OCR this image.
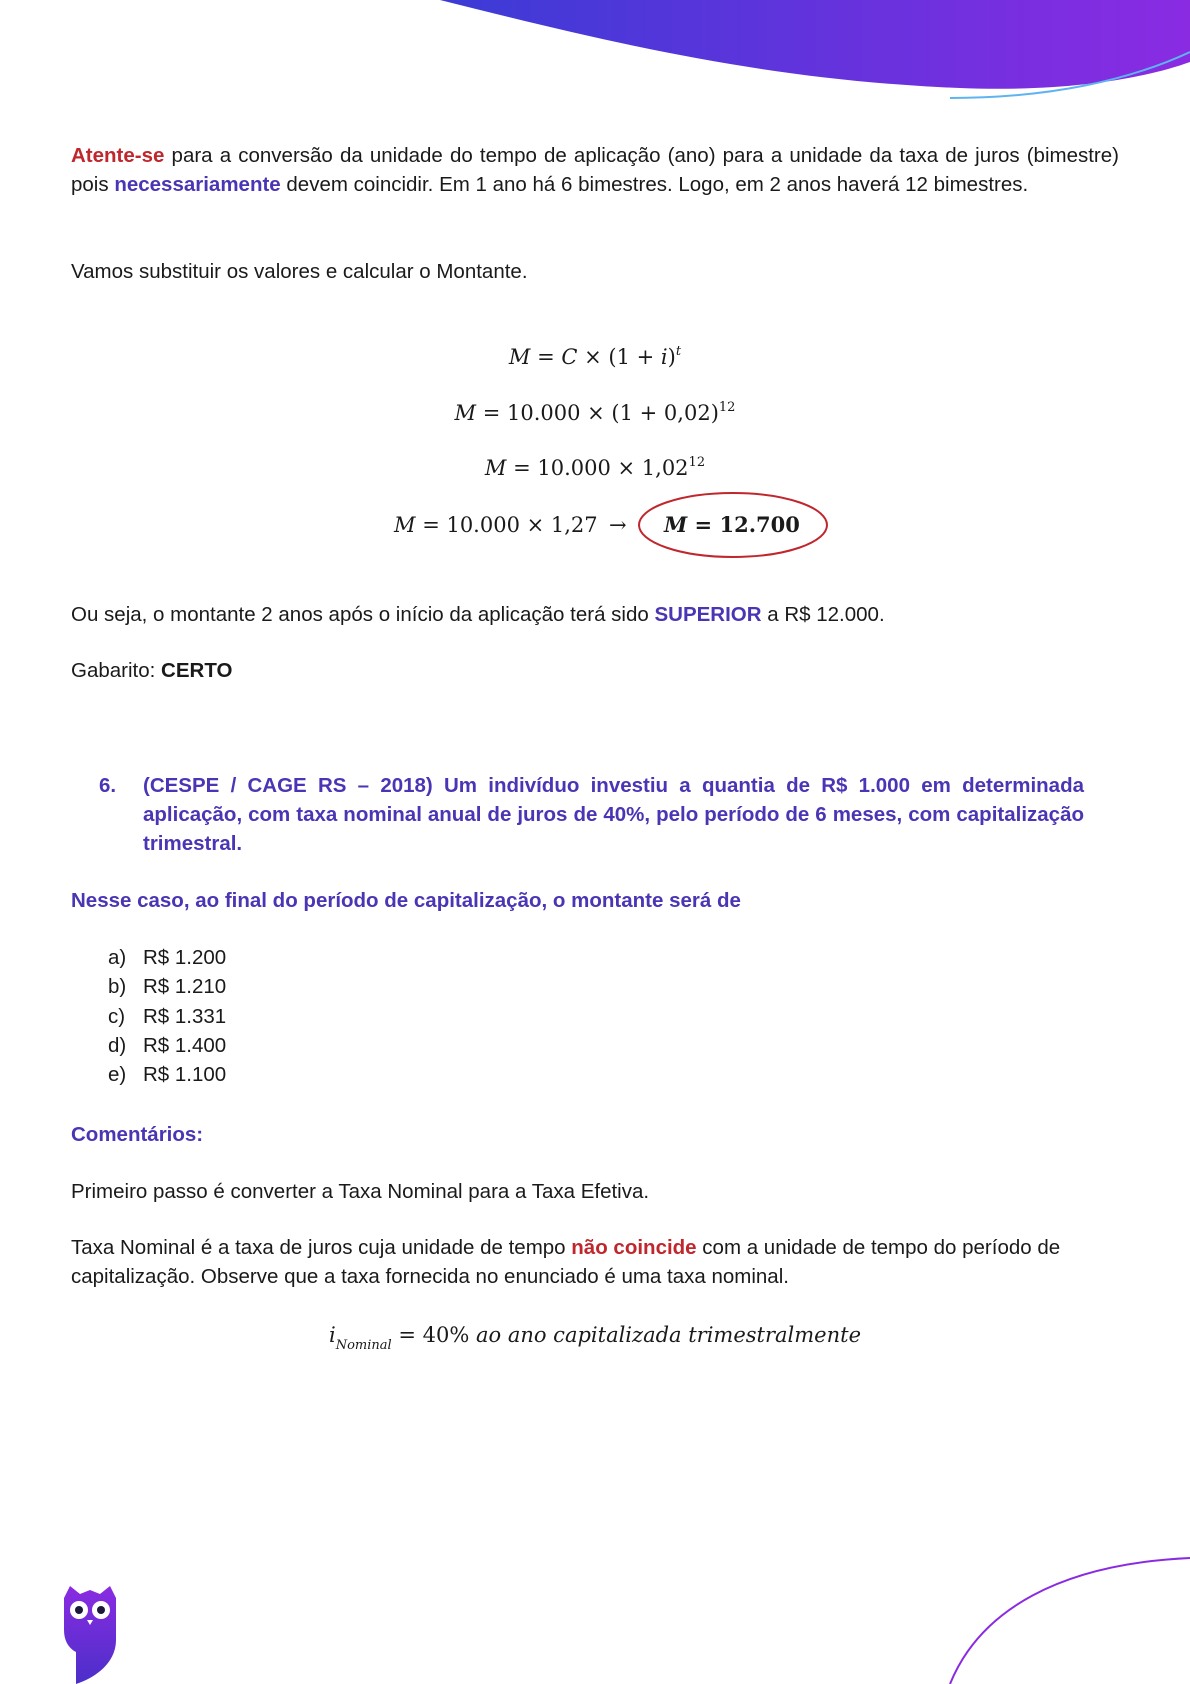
Atente-se para a conversão da unidade do tempo de aplicação (ano) para a unidade da taxa de juros (bimestre) pois necessariamente devem coincidir. Em 1 ano há 6 bimestres. Logo, em 2 anos haverá 12 bimestres.
Vamos substituir os valores e calcular o Montante.
$M = C \times (1 + i)^t$
$M = 10.000 \times (1 + 0,02)^{12}$
$M = 10.000 \times 1,02^{12}$
M = 10.000 × 1,27 → M = 12.700
Ou seja, o montante 2 anos após o início da aplicação terá sido SUPERIOR a R$ 12.000.
Gabarito: CERTO
6. (CESPE / CAGE RS – 2018) Um indivíduo investiu a quantia de R$ 1.000 em determinada aplicação, com taxa nominal anual de juros de 40%, pelo período de 6 meses, com capitalização trimestral.
Nesse caso, ao final do período de capitalização, o montante será de
a) R$ 1.200
b) R$ 1.210
c) R$ 1.331
d) R$ 1.400
e) R$ 1.100
Comentários:
Primeiro passo é converter a Taxa Nominal para a Taxa Efetiva.
Taxa Nominal é a taxa de juros cuja unidade de tempo não coincide com a unidade de tempo do período de capitalização. Observe que a taxa fornecida no enunciado é uma taxa nominal.
$i_{Nominal} = 40\%$ ao ano capitalizada trimestralmente
